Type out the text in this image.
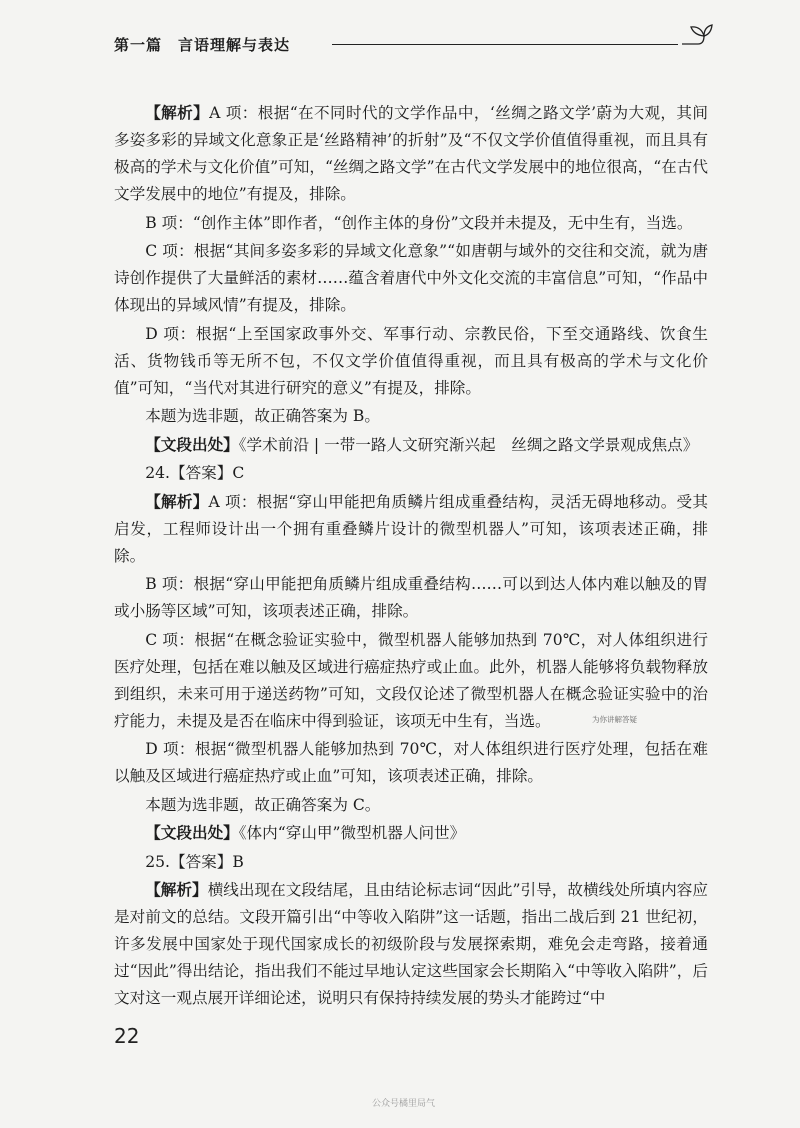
第一篇　言语理解与表达

【解析】A 项：根据“在不同时代的文学作品中，‘丝绸之路文学’蔚为大观，其间多姿多彩的异域文化意象正是‘丝路精神’的折射”及“不仅文学价值值得重视，而且具有极高的学术与文化价值”可知，“丝绸之路文学”在古代文学发展中的地位很高，“在古代文学发展中的地位”有提及，排除。

B 项：“创作主体”即作者，“创作主体的身份”文段并未提及，无中生有，当选。

C 项：根据“其间多姿多彩的异域文化意象”“如唐朝与域外的交往和交流，就为唐诗创作提供了大量鲜活的素材……蕴含着唐代中外文化交流的丰富信息”可知，“作品中体现出的异域风情”有提及，排除。

D 项：根据“上至国家政事外交、军事行动、宗教民俗，下至交通路线、饮食生活、货物钱币等无所不包，不仅文学价值值得重视，而且具有极高的学术与文化价值”可知，“当代对其进行研究的意义”有提及，排除。

本题为选非题，故正确答案为 B。

【文段出处】《学术前沿 | 一带一路人文研究渐兴起　丝绸之路文学景观成焦点》

24.【答案】C

【解析】A 项：根据“穿山甲能把角质鳞片组成重叠结构，灵活无碍地移动。受其启发，工程师设计出一个拥有重叠鳞片设计的微型机器人”可知，该项表述正确，排除。

B 项：根据“穿山甲能把角质鳞片组成重叠结构……可以到达人体内难以触及的胃或小肠等区域”可知，该项表述正确，排除。

C 项：根据“在概念验证实验中，微型机器人能够加热到 70℃，对人体组织进行医疗处理，包括在难以触及区域进行癌症热疗或止血。此外，机器人能够将负载物释放到组织，未来可用于递送药物”可知，文段仅论述了微型机器人在概念验证实验中的治疗能力，未提及是否在临床中得到验证，该项无中生有，当选。

D 项：根据“微型机器人能够加热到 70℃，对人体组织进行医疗处理，包括在难以触及区域进行癌症热疗或止血”可知，该项表述正确，排除。

本题为选非题，故正确答案为 C。

【文段出处】《体内“穿山甲”微型机器人问世》

25.【答案】B

【解析】横线出现在文段结尾，且由结论标志词“因此”引导，故横线处所填内容应是对前文的总结。文段开篇引出“中等收入陷阱”这一话题，指出二战后到 21 世纪初，许多发展中国家处于现代国家成长的初级阶段与发展探索期，难免会走弯路，接着通过“因此”得出结论，指出我们不能过早地认定这些国家会长期陷入“中等收入陷阱”，后文对这一观点展开详细论述，说明只有保持持续发展的势头才能跨过“中

为你讲解答疑
22
公众号橘里局气
